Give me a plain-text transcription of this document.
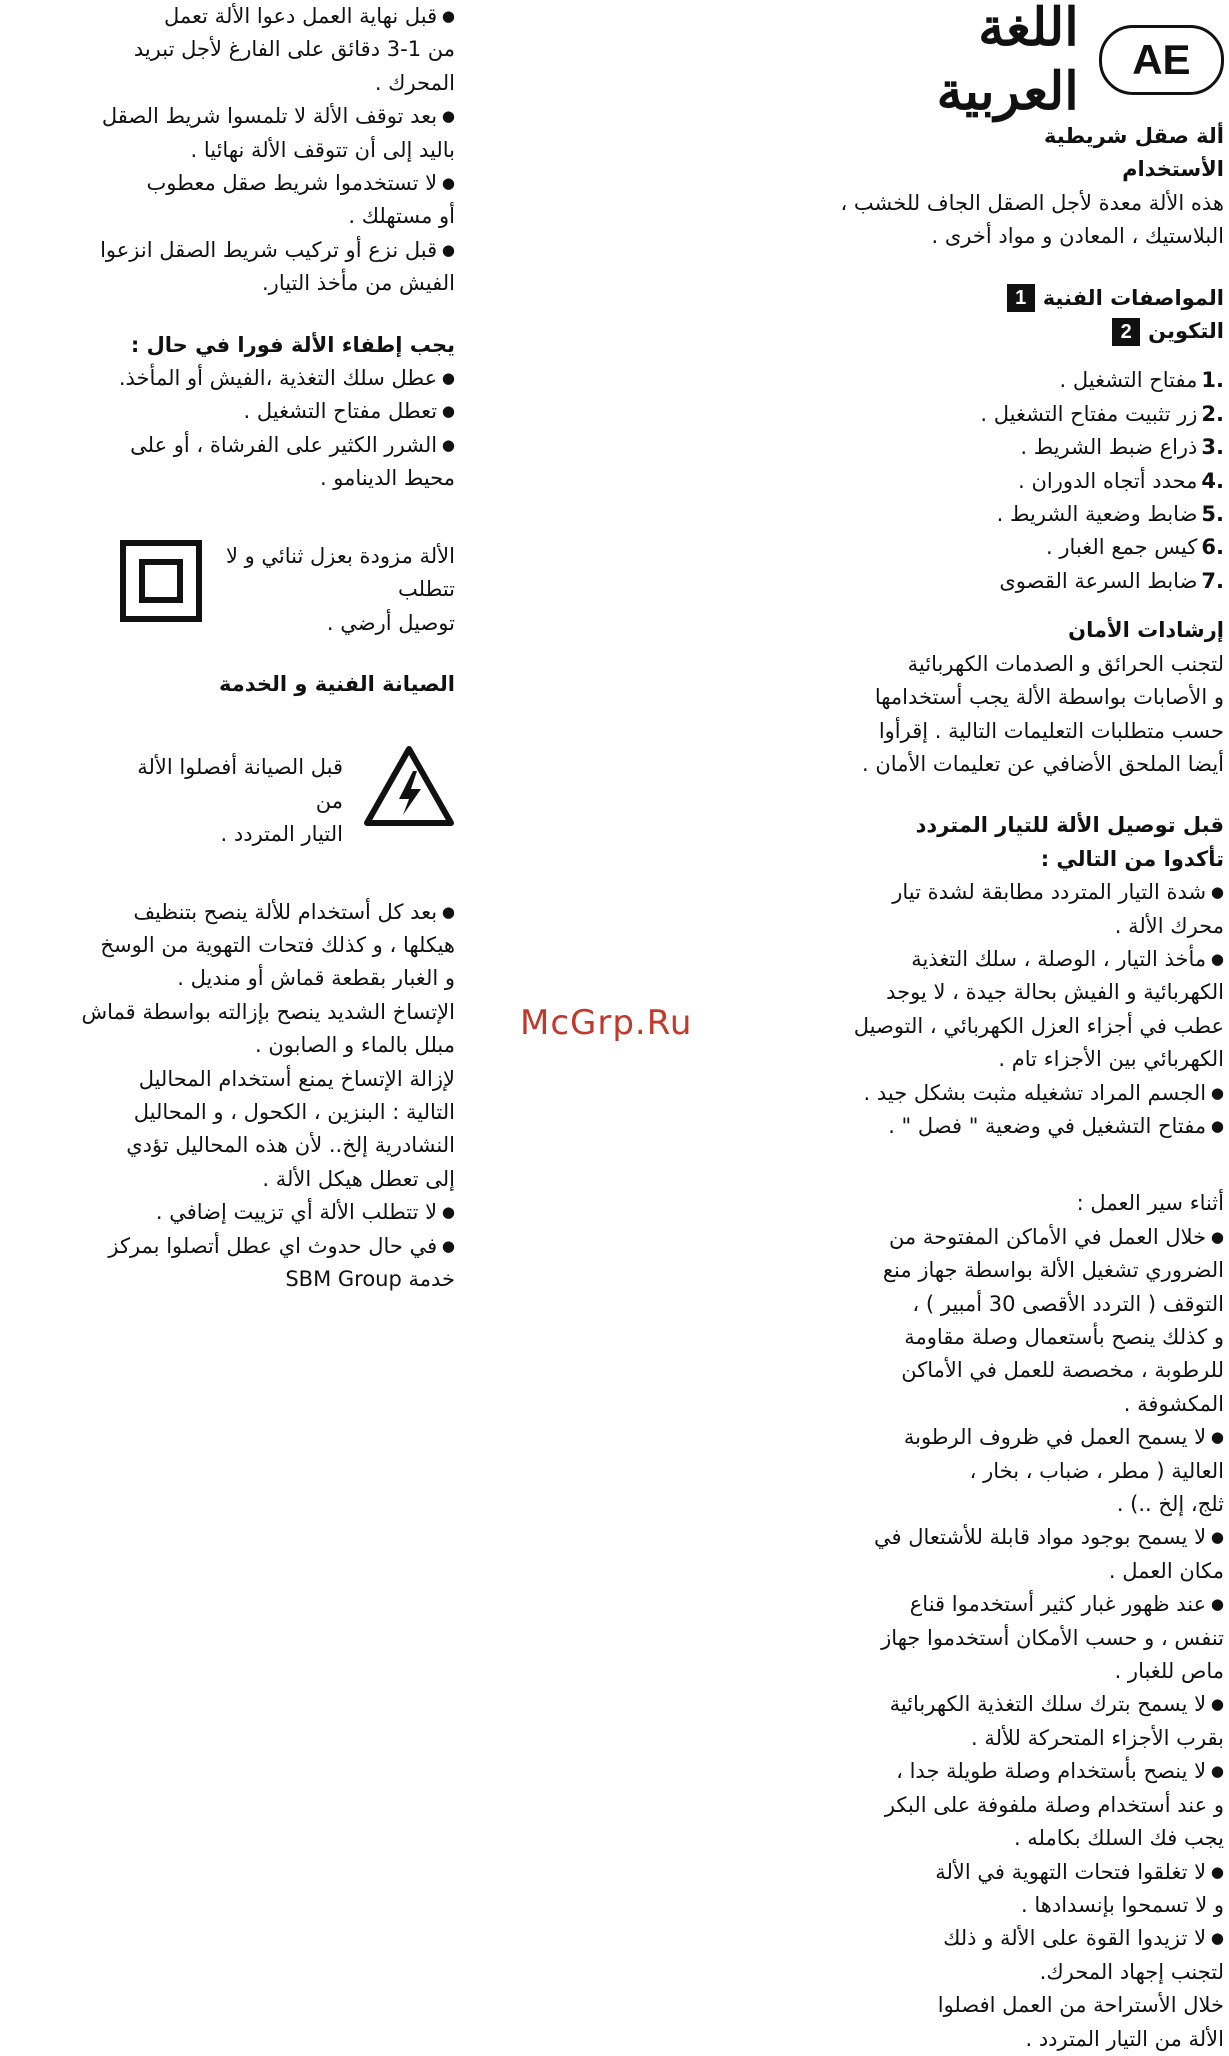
AE
اللغة العربية

ألة صقل شريطية

الأستخدام

هذه الألة معدة لأجل الصقل الجاف للخشب ،

البلاستيك ، المعادن و مواد أخرى .

المواصفات الفنية
1
التكوين
2
1.
مفتاح التشغيل .
2.
زر تثبيت مفتاح التشغيل .
3.
ذراع ضبط الشريط .
4.
محدد أتجاه الدوران .
5.
ضابط وضعية الشريط .
6.
كيس جمع الغبار .
7.
ضابط السرعة القصوى

إرشادات الأمان

لتجنب الحرائق و الصدمات الكهربائية

و الأصابات بواسطة الألة يجب أستخدامها

حسب متطلبات التعليمات التالية . إقرأوا

أيضا الملحق الأضافي عن تعليمات الأمان .

قبل توصيل الألة للتيار المتردد

تأكدوا من التالي :

● شدة التيار المتردد مطابقة لشدة تيار

محرك الألة .

● مأخذ التيار ، الوصلة ، سلك التغذية

الكهربائية و الفيش بحالة جيدة ، لا يوجد

عطب في أجزاء العزل الكهربائي ، التوصيل

الكهربائي بين الأجزاء تام .

● الجسم المراد تشغيله مثبت بشكل جيد .

● مفتاح التشغيل في وضعية " فصل " .

أثناء سير العمل :

● خلال العمل في الأماكن المفتوحة من

الضروري تشغيل الألة بواسطة جهاز منع

التوقف ( التردد الأقصى 30 أمبير ) ،

و كذلك ينصح بأستعمال وصلة مقاومة

للرطوبة ، مخصصة للعمل في الأماكن

المكشوفة .

● لا يسمح العمل في ظروف الرطوبة

العالية ( مطر ، ضباب ، بخار ،

ثلج، إلخ ..) .

● لا يسمح بوجود مواد قابلة للأشتعال في

مكان العمل .

● عند ظهور غبار كثير أستخدموا قناع

تنفس ، و حسب الأمكان أستخدموا جهاز

ماص للغبار .

● لا يسمح بترك سلك التغذية الكهربائية

بقرب الأجزاء المتحركة للألة .

● لا ينصح بأستخدام وصلة طويلة جدا ،

و عند أستخدام وصلة ملفوفة على البكر

يجب فك السلك بكامله .

● لا تغلقوا فتحات التهوية في الألة

و لا تسمحوا بإنسدادها .

● لا تزيدوا القوة على الألة و ذلك

لتجنب إجهاد المحرك.

خلال الأستراحة من العمل افصلوا

الألة من التيار المتردد .

● قبل نهاية العمل دعوا الألة تعمل

من 1-3 دقائق على الفارغ لأجل تبريد

المحرك .

● بعد توقف الألة لا تلمسوا شريط الصقل

باليد إلى أن تتوقف الألة نهائيا .

● لا تستخدموا شريط صقل معطوب

أو مستهلك .

● قبل نزع أو تركيب شريط الصقل انزعوا

الفيش من مأخذ التيار.

يجب إطفاء الألة فورا في حال :

● عطل سلك التغذية ،الفيش أو المأخذ.

● تعطل مفتاح التشغيل .

● الشرر الكثير على الفرشاة ، أو على

محيط الدينامو .

الألة مزودة بعزل ثنائي و لا تتطلب

توصيل أرضي .

الصيانة الفنية و الخدمة

قبل الصيانة أفصلوا الألة من

التيار المتردد .

● بعد كل أستخدام للألة ينصح بتنظيف

هيكلها ، و كذلك فتحات التهوية من الوسخ

و الغبار بقطعة قماش أو منديل .

الإتساخ الشديد ينصح بإزالته بواسطة قماش

مبلل بالماء و الصابون .

لإزالة الإتساخ يمنع أستخدام المحاليل

التالية : البنزين ، الكحول ، و المحاليل

النشادرية إلخ.. لأن هذه المحاليل تؤدي

إلى تعطل هيكل الألة .

● لا تتطلب الألة أي تزييت إضافي .

● في حال حدوث اي عطل أتصلوا بمركز

خدمة SBM Group

McGrp.Ru
